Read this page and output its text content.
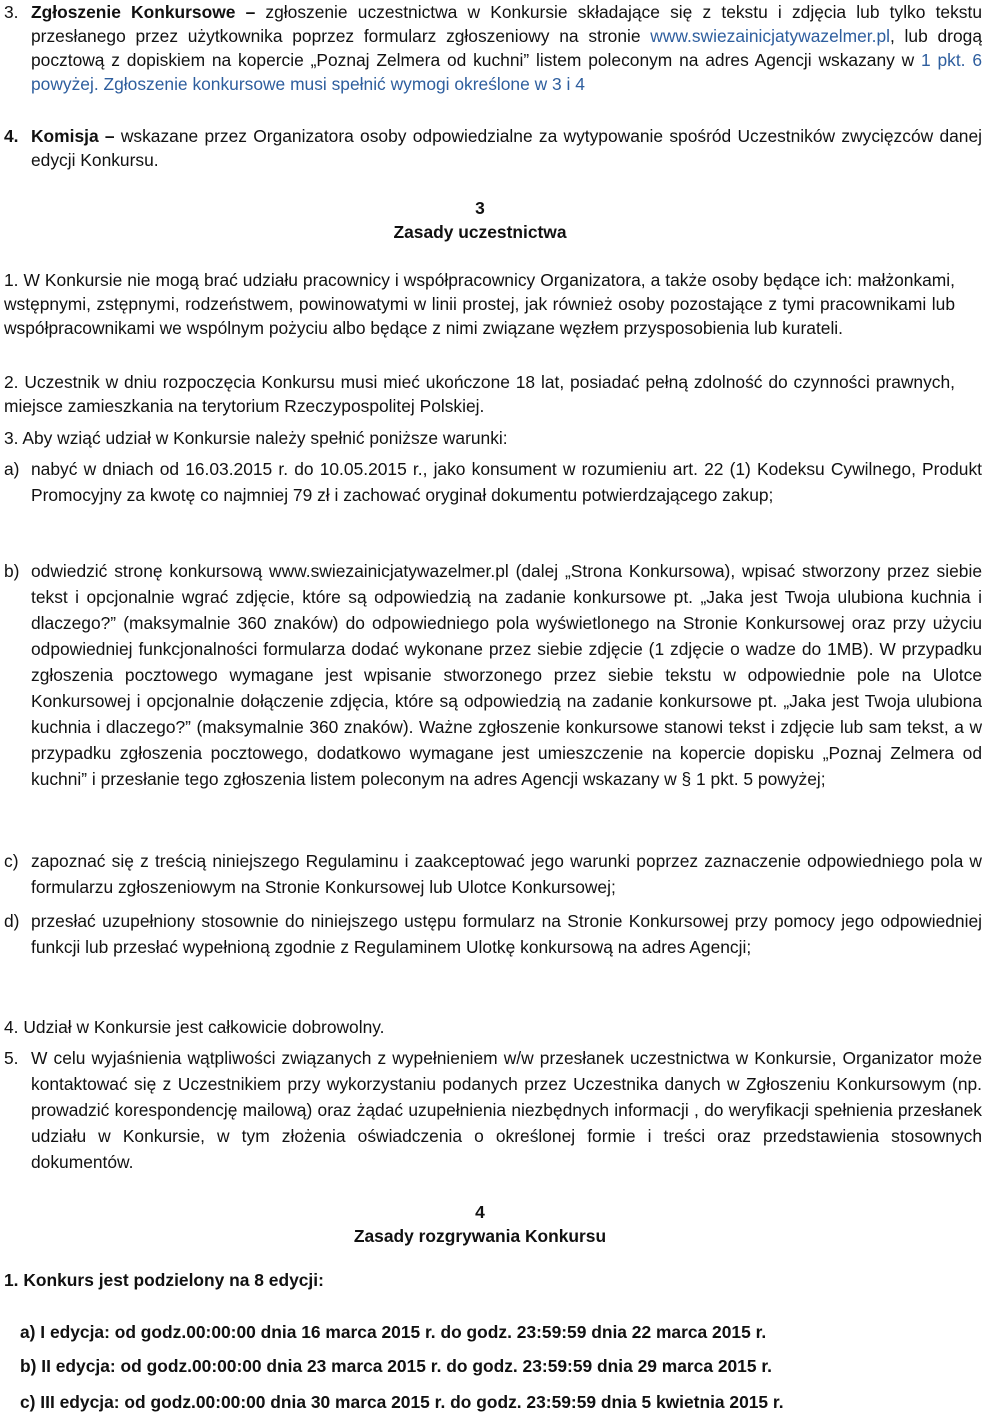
3. Zgłoszenie Konkursowe – zgłoszenie uczestnictwa w Konkursie składające się z tekstu i zdjęcia lub tylko tekstu przesłanego przez użytkownika poprzez formularz zgłoszeniowy na stronie www.swiezainicjatywazelmer.pl, lub drogą pocztową z dopiskiem na kopercie „Poznaj Zelmera od kuchni” listem poleconym na adres Agencji wskazany w 1 pkt. 6 powyżej. Zgłoszenie konkursowe musi spełnić wymogi określone w 3 i 4
4. Komisja – wskazane przez Organizatora osoby odpowiedzialne za wytypowanie spośród Uczestników zwycięzców danej edycji Konkursu.

3

Zasady uczestnictwa

1. W Konkursie nie mogą brać udziału pracownicy i współpracownicy Organizatora, a także osoby będące ich: małżonkami, wstępnymi, zstępnymi, rodzeństwem, powinowatymi w linii prostej, jak również osoby pozostające z tymi pracownikami lub współpracownikami we wspólnym pożyciu albo będące z nimi związane węzłem przysposobienia lub kurateli.

2. Uczestnik w dniu rozpoczęcia Konkursu musi mieć ukończone 18 lat, posiadać pełną zdolność do czynności prawnych, miejsce zamieszkania na terytorium Rzeczypospolitej Polskiej.

3. Aby wziąć udział w Konkursie należy spełnić poniższe warunki:

a) nabyć w dniach od 16.03.2015 r. do 10.05.2015 r., jako konsument w rozumieniu art. 22 (1) Kodeksu Cywilnego, Produkt Promocyjny za kwotę co najmniej 79 zł i zachować oryginał dokumentu potwierdzającego zakup;
b) odwiedzić stronę konkursową www.swiezainicjatywazelmer.pl (dalej „Strona Konkursowa), wpisać stworzony przez siebie tekst i opcjonalnie wgrać zdjęcie, które są odpowiedzią na zadanie konkursowe pt. „Jaka jest Twoja ulubiona kuchnia i dlaczego?” (maksymalnie 360 znaków) do odpowiedniego pola wyświetlonego na Stronie Konkursowej oraz przy użyciu odpowiedniej funkcjonalności formularza dodać wykonane przez siebie zdjęcie (1 zdjęcie o wadze do 1MB). W przypadku zgłoszenia pocztowego wymagane jest wpisanie stworzonego przez siebie tekstu w odpowiednie pole na Ulotce Konkursowej i opcjonalnie dołączenie zdjęcia, które są odpowiedzią na zadanie konkursowe pt. „Jaka jest Twoja ulubiona kuchnia i dlaczego?” (maksymalnie 360 znaków). Ważne zgłoszenie konkursowe stanowi tekst i zdjęcie lub sam tekst, a w przypadku zgłoszenia pocztowego, dodatkowo wymagane jest umieszczenie na kopercie dopisku „Poznaj Zelmera od kuchni” i przesłanie tego zgłoszenia listem poleconym na adres Agencji wskazany w § 1 pkt. 5 powyżej;
c) zapoznać się z treścią niniejszego Regulaminu i zaakceptować jego warunki poprzez zaznaczenie odpowiedniego pola w formularzu zgłoszeniowym na Stronie Konkursowej lub Ulotce Konkursowej;
d) przesłać uzupełniony stosownie do niniejszego ustępu formularz na Stronie Konkursowej przy pomocy jego odpowiedniej funkcji lub przesłać wypełnioną zgodnie z Regulaminem Ulotkę konkursową na adres Agencji;

4. Udział w Konkursie jest całkowicie dobrowolny.

5. W celu wyjaśnienia wątpliwości związanych z wypełnieniem w/w przesłanek uczestnictwa w Konkursie, Organizator może kontaktować się z Uczestnikiem przy wykorzystaniu podanych przez Uczestnika danych w Zgłoszeniu Konkursowym (np. prowadzić korespondencję mailową) oraz żądać uzupełnienia niezbędnych informacji , do weryfikacji spełnienia przesłanek udziału w Konkursie, w tym złożenia oświadczenia o określonej formie i treści oraz przedstawienia stosownych dokumentów.

4

Zasady rozgrywania Konkursu

1. Konkurs jest podzielony na 8 edycji:

a) I edycja: od godz.00:00:00 dnia 16 marca 2015 r. do godz. 23:59:59 dnia 22 marca 2015 r.

b) II edycja: od godz.00:00:00 dnia 23 marca 2015 r. do godz. 23:59:59 dnia 29 marca 2015 r.

c) III edycja: od godz.00:00:00 dnia 30 marca 2015 r. do godz. 23:59:59 dnia 5 kwietnia 2015 r.
